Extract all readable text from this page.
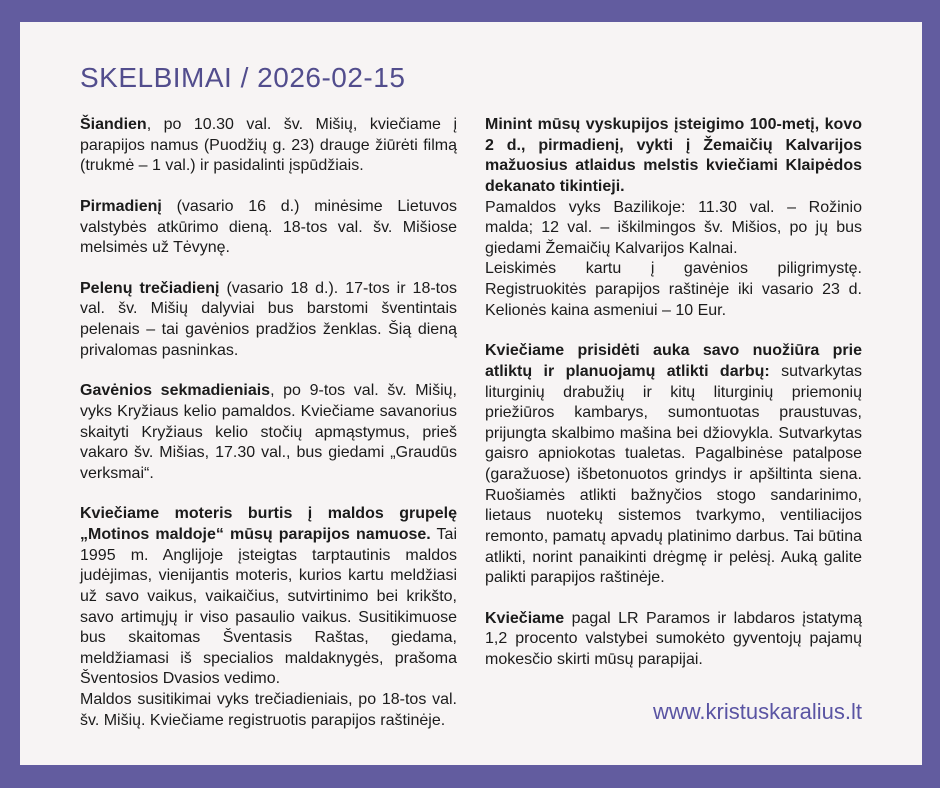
SKELBIMAI / 2026-02-15
Šiandien, po 10.30 val. šv. Mišių, kviečiame į parapijos namus (Puodžių g. 23) drauge žiūrėti filmą (trukmė – 1 val.) ir pasidalinti įspūdžiais.
Pirmadienį (vasario 16 d.) minėsime Lietuvos valstybės atkūrimo dieną. 18-tos val. šv. Mišiose melsimės už Tėvynę.
Pelenų trečiadienį (vasario 18 d.). 17-tos ir 18-tos val. šv. Mišių dalyviai bus barstomi šventintais pelenais – tai gavėnios pradžios ženklas. Šią dieną privalomas pasninkas.
Gavėnios sekmadieniais, po 9-tos val. šv. Mišių, vyks Kryžiaus kelio pamaldos. Kviečiame savanorius skaityti Kryžiaus kelio stočių apmąstymus, prieš vakaro šv. Mišias, 17.30 val., bus giedami „Graudūs verksmai“.
Kviečiame moteris burtis į maldos grupelę „Motinos maldoje“ mūsų parapijos namuose. Tai 1995 m. Anglijoje įsteigtas tarptautinis maldos judėjimas, vienijantis moteris, kurios kartu meldžiasi už savo vaikus, vaikaičius, sutvirtinimo bei krikšto, savo artimųjų ir viso pasaulio vaikus. Susitikimuose bus skaitomas Šventasis Raštas, giedama, meldžiamasi iš specialios maldaknygės, prašoma Šventosios Dvasios vedimo.
Maldos susitikimai vyks trečiadieniais, po 18-tos val. šv. Mišių. Kviečiame registruotis parapijos raštinėje.
Minint mūsų vyskupijos įsteigimo 100-metį, kovo 2 d., pirmadienį, vykti į Žemaičių Kalvarijos mažuosius atlaidus melstis kviečiami Klaipėdos dekanato tikintieji.
Pamaldos vyks Bazilikoje: 11.30 val. – Rožinio malda; 12 val. – iškilmingos šv. Mišios, po jų bus giedami Žemaičių Kalvarijos Kalnai.
Leiskimės kartu į gavėnios piligrimystę. Registruokitės parapijos raštinėje iki vasario 23 d. Kelionės kaina asmeniui – 10 Eur.
Kviečiame prisidėti auka savo nuožiūra prie atliktų ir planuojamų atlikti darbų: sutvarkytas liturginių drabužių ir kitų liturginių priemonių priežiūros kambarys, sumontuotas praustuvas, prijungta skalbimo mašina bei džiovykla. Sutvarkytas gaisro apniokotas tualetas. Pagalbinėse patalpose (garažuose) išbetonuotos grindys ir apšiltinta siena. Ruošiamės atlikti bažnyčios stogo sandarinimo, lietaus nuotekų sistemos tvarkymo, ventiliacijos remonto, pamatų apvadų platinimo darbus. Tai būtina atlikti, norint panaikinti drėgmę ir pelėsį. Auką galite palikti parapijos raštinėje.
Kviečiame pagal LR Paramos ir labdaros įstatymą 1,2 procento valstybei sumokėto gyventojų pajamų mokesčio skirti mūsų parapijai.
www.kristuskaralius.lt
